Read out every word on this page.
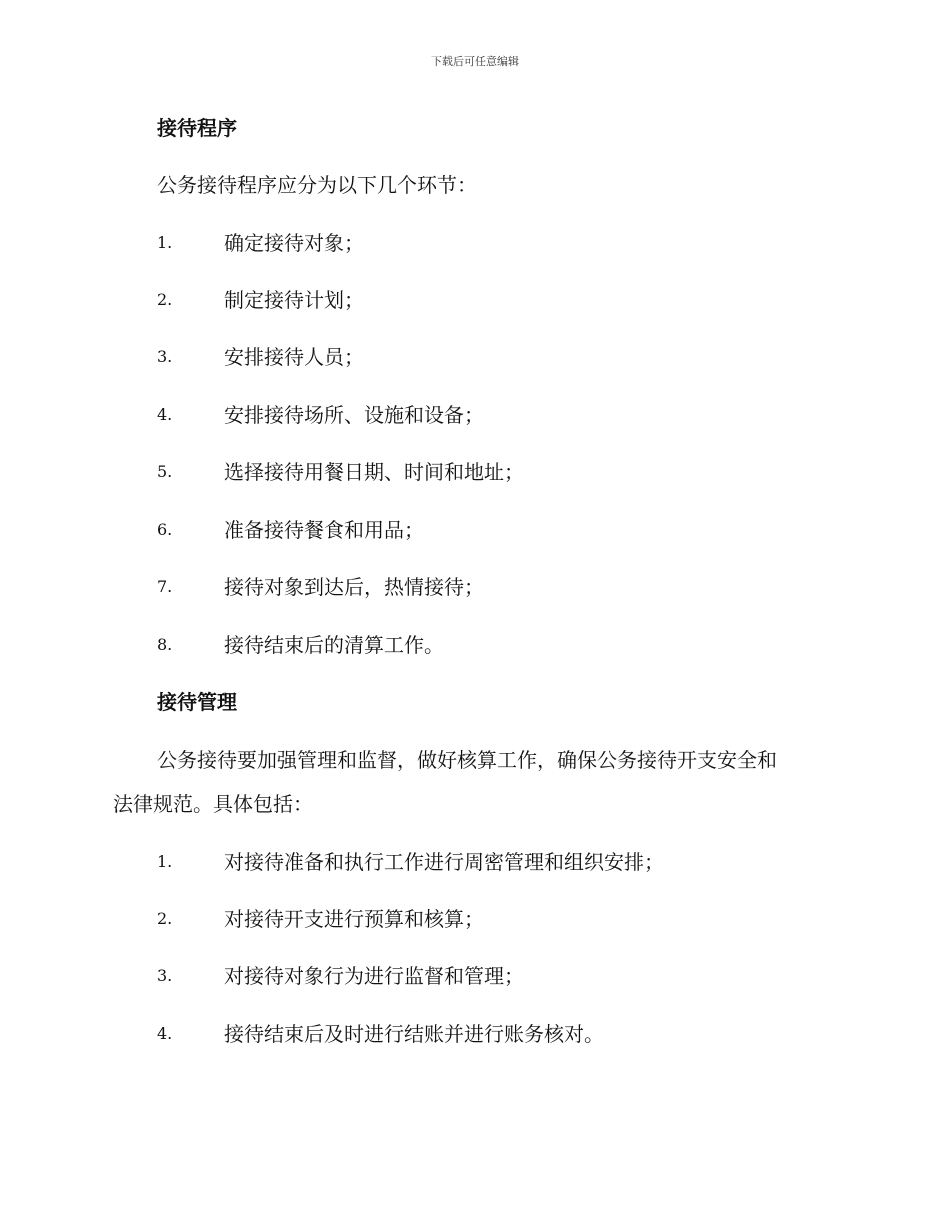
下载后可任意编辑
接待程序
公务接待程序应分为以下几个环节：
1.	确定接待对象；
2.	制定接待计划；
3.	安排接待人员；
4.	安排接待场所、设施和设备；
5.	选择接待用餐日期、时间和地址；
6.	准备接待餐食和用品；
7.	接待对象到达后，热情接待；
8.	接待结束后的清算工作。
接待管理
公务接待要加强管理和监督，做好核算工作，确保公务接待开支安全和
法律规范。具体包括：
1.	对接待准备和执行工作进行周密管理和组织安排；
2.	对接待开支进行预算和核算；
3.	对接待对象行为进行监督和管理；
4.	接待结束后及时进行结账并进行账务核对。
